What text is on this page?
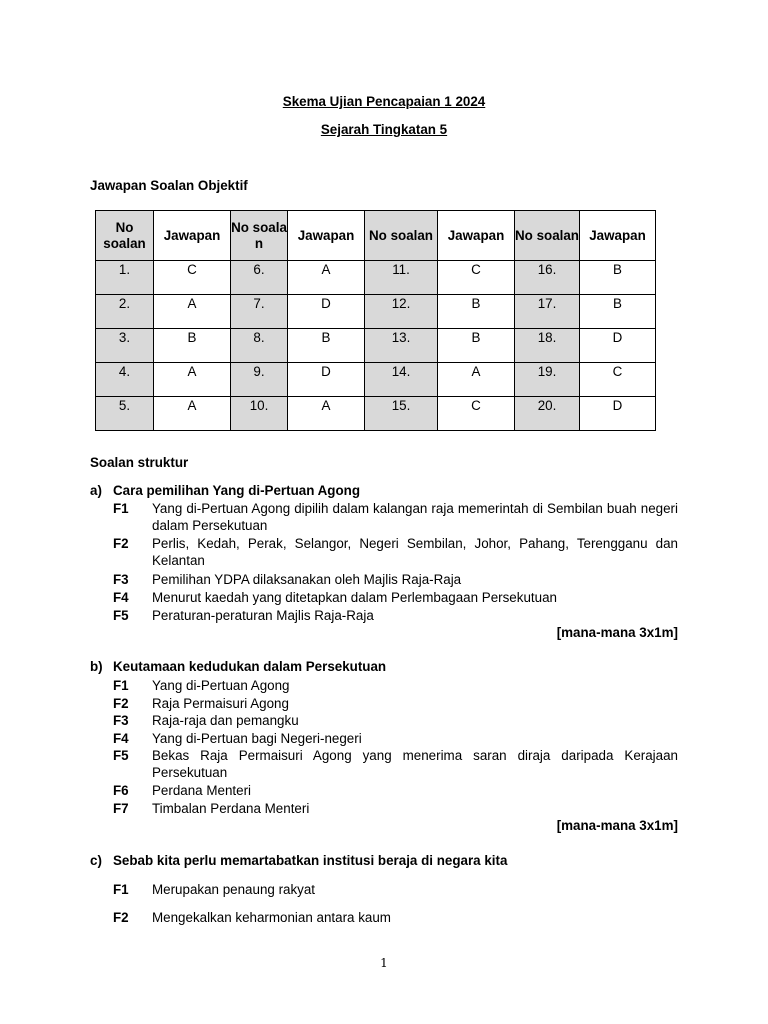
Skema Ujian Pencapaian 1 2024
Sejarah Tingkatan 5
Jawapan Soalan Objektif
No soalan	Jawapan	No soala n	Jawapan	No soalan	Jawapan	No soalan	Jawapan
1.	C	6.	A	11.	C	16.	B
2.	A	7.	D	12.	B	17.	B
3.	B	8.	B	13.	B	18.	D
4.	A	9.	D	14.	A	19.	C
5.	A	10.	A	15.	C	20.	D
Soalan struktur
a) Cara pemilihan Yang di-Pertuan Agong
F1 Yang di-Pertuan Agong dipilih dalam kalangan raja memerintah di Sembilan buah negeri dalam Persekutuan
F2 Perlis, Kedah, Perak, Selangor, Negeri Sembilan, Johor, Pahang, Terengganu dan Kelantan
F3 Pemilihan YDPA dilaksanakan oleh Majlis Raja-Raja
F4 Menurut kaedah yang ditetapkan dalam Perlembagaan Persekutuan
F5 Peraturan-peraturan Majlis Raja-Raja
[mana-mana 3x1m]
b) Keutamaan kedudukan dalam Persekutuan
F1 Yang di-Pertuan Agong
F2 Raja Permaisuri Agong
F3 Raja-raja dan pemangku
F4 Yang di-Pertuan bagi Negeri-negeri
F5 Bekas Raja Permaisuri Agong yang menerima saran diraja daripada Kerajaan Persekutuan
F6 Perdana Menteri
F7 Timbalan Perdana Menteri
[mana-mana 3x1m]
c) Sebab kita perlu memartabatkan institusi beraja di negara kita
F1 Merupakan penaung rakyat
F2 Mengekalkan keharmonian antara kaum
1
